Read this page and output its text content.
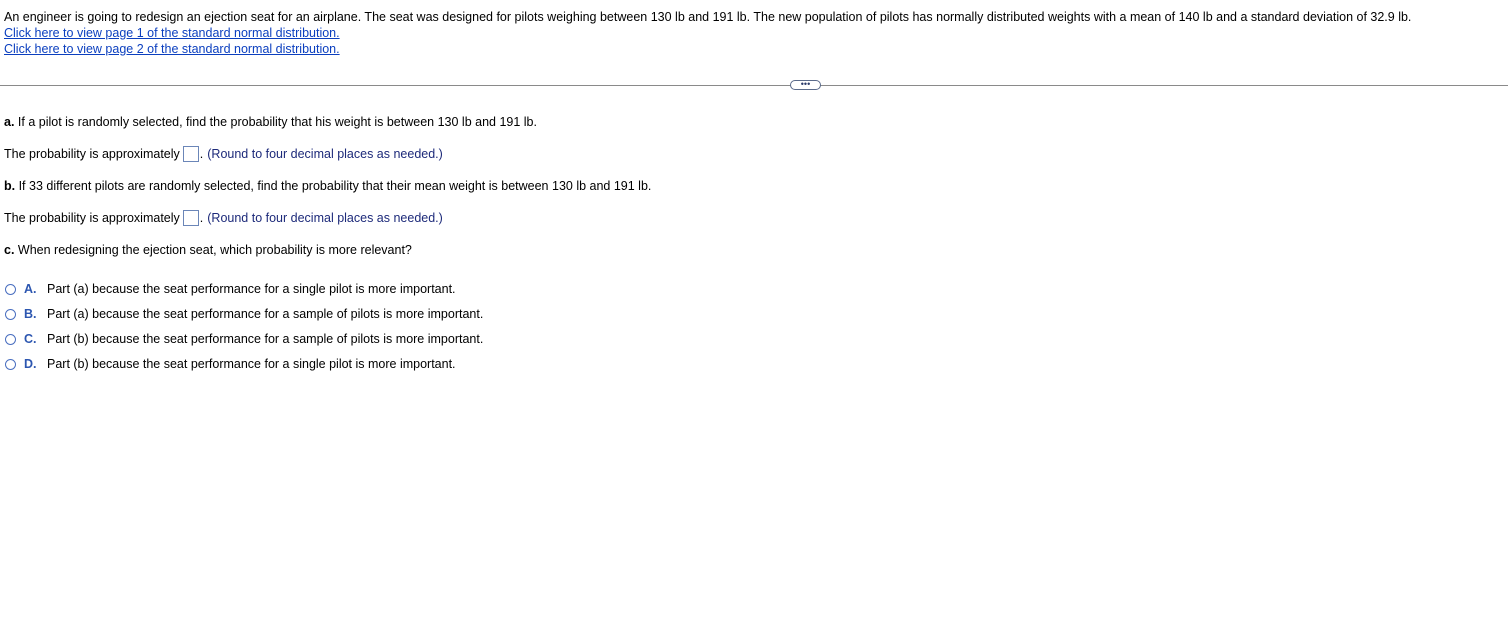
An engineer is going to redesign an ejection seat for an airplane. The seat was designed for pilots weighing between 130 lb and 191 lb. The new population of pilots has normally distributed weights with a mean of 140 lb and a standard deviation of 32.9 lb.
Click here to view page 1 of the standard normal distribution.
Click here to view page 2 of the standard normal distribution.
•••
a. If a pilot is randomly selected, find the probability that his weight is between 130 lb and 191 lb.
The probability is approximately . (Round to four decimal places as needed.)
b. If 33 different pilots are randomly selected, find the probability that their mean weight is between 130 lb and 191 lb.
The probability is approximately . (Round to four decimal places as needed.)
c. When redesigning the ejection seat, which probability is more relevant?
A. Part (a) because the seat performance for a single pilot is more important.
B. Part (a) because the seat performance for a sample of pilots is more important.
C. Part (b) because the seat performance for a sample of pilots is more important.
D. Part (b) because the seat performance for a single pilot is more important.
